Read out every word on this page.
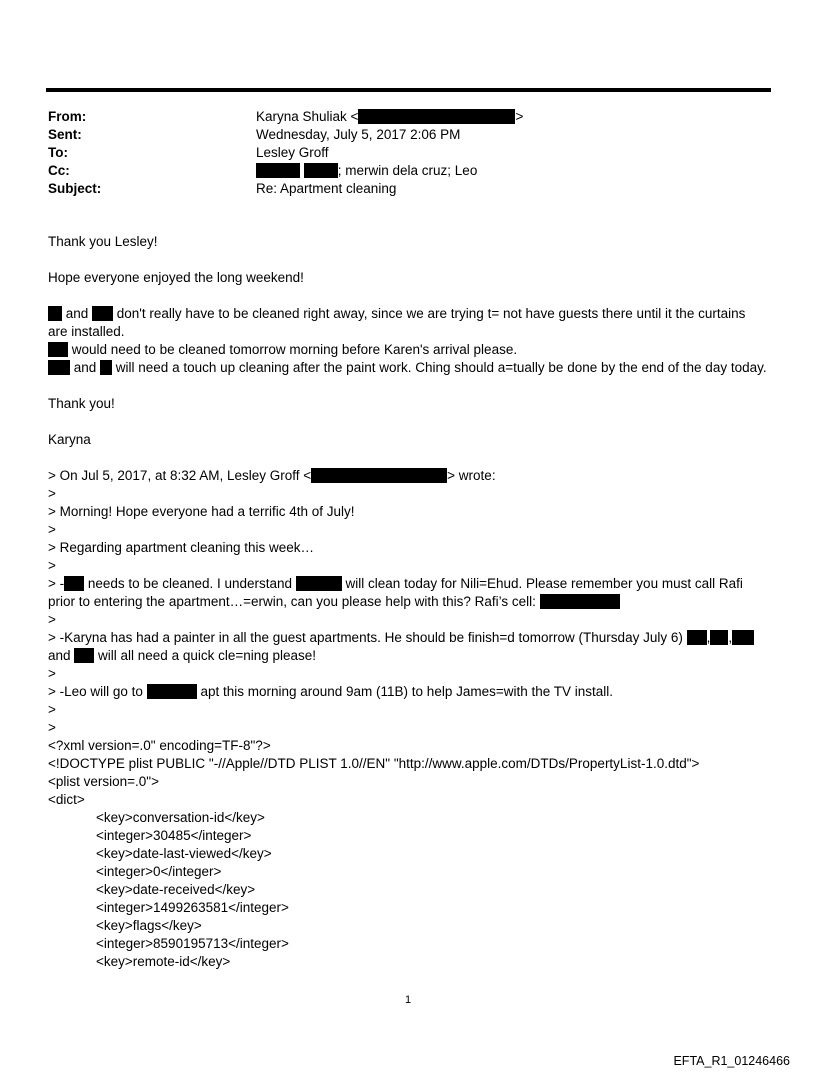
From:	Karyna Shuliak <	>
Sent:	Wednesday, July 5, 2017 2:06 PM
To:	Lesley Groff
Cc:	; merwin dela cruz; Leo
Subject:	Re: Apartment cleaning

Thank you Lesley!

Hope everyone enjoyed the long weekend!

and  don't really have to be cleaned right away, since we are trying t= not have guests there until it the curtains are installed.

would need to be cleaned tomorrow morning before Karen's arrival please.

and  will need a touch up cleaning after the paint work. Ching should a=tually be done by the end of the day today.

Thank you!

Karyna

> On Jul 5, 2017, at 8:32 AM, Lesley Groff <	> wrote:

>

> Morning! Hope everyone had a terrific 4th of July!

>

> Regarding apartment cleaning this week…

>

> - needs to be cleaned. I understand	will clean today for Nili=Ehud. Please remember you must call Rafi prior to entering the apartment…=erwin, can you please help with this? Rafi’s cell:

>

> -Karyna has had a painter in all the guest apartments. He should be finish=d tomorrow (Thursday July 6) , ,
and  will all need a quick cle=ning please!

>

> -Leo will go to	apt this morning around 9am (11B) to help James=with the TV install.

>

>

<?xml version=.0" encoding=TF-8"?>

<!DOCTYPE plist PUBLIC "-//Apple//DTD PLIST 1.0//EN" "http://www.apple.com/DTDs/PropertyList-1.0.dtd">

<plist version=.0">

<dict>

<key>conversation-id</key>

<integer>30485</integer>

<key>date-last-viewed</key>

<integer>0</integer>

<key>date-received</key>

<integer>1499263581</integer>

<key>flags</key>

<integer>8590195713</integer>

<key>remote-id</key>

1
EFTA_R1_01246466
